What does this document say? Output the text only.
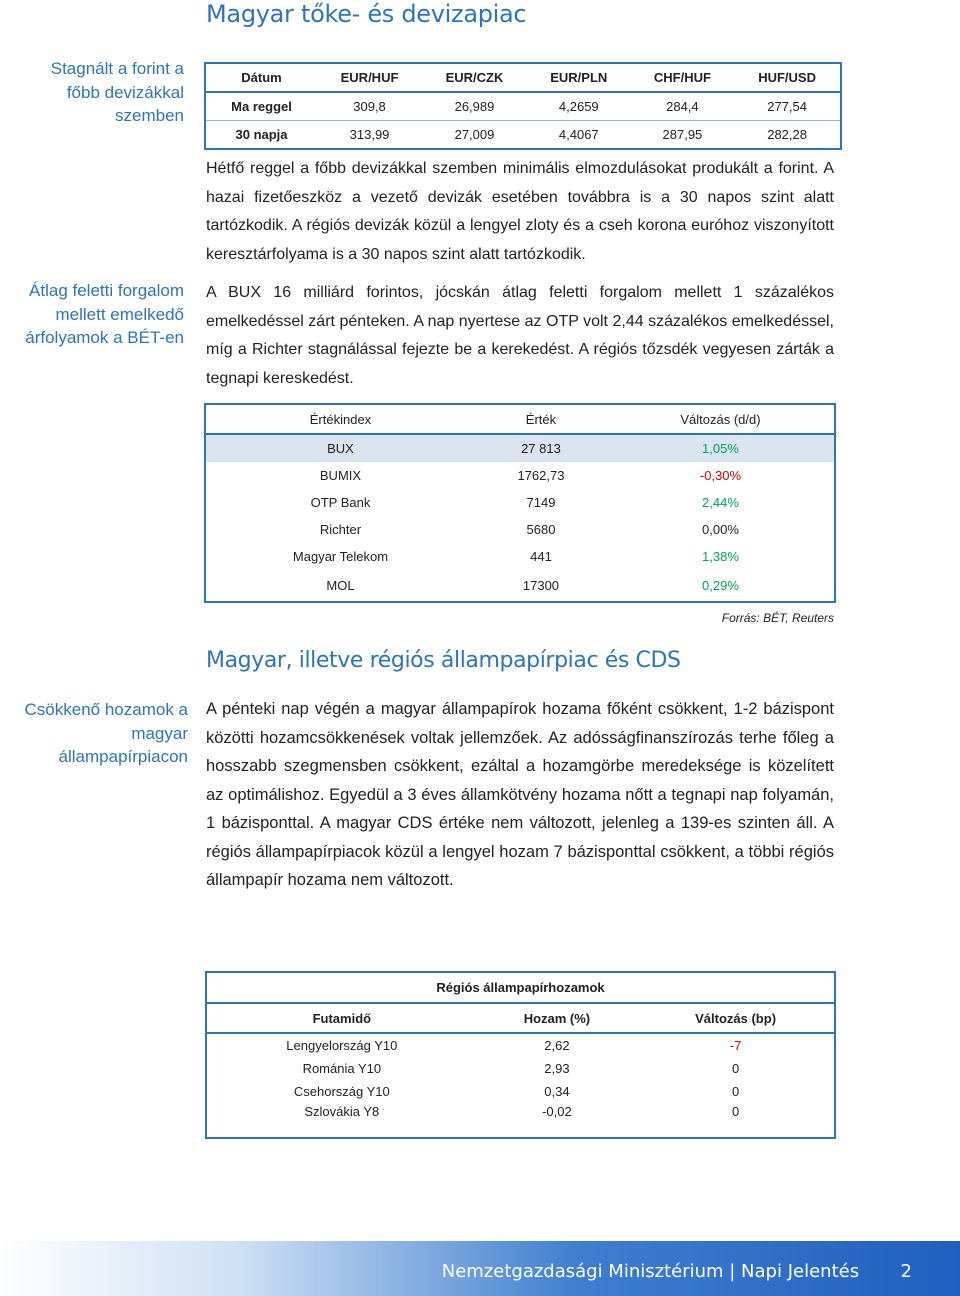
Magyar tőke- és devizapiac
Stagnált a forint a főbb devizákkal szemben
Átlag feletti forgalom mellett emelkedő árfolyamok a BÉT-en
Csökkenő hozamok a magyar állampapírpiacon
Dátum	EUR/HUF	EUR/CZK	EUR/PLN	CHF/HUF	HUF/USD
Ma reggel	309,8	26,989	4,2659	284,4	277,54
30 napja	313,99	27,009	4,4067	287,95	282,28
Hétfő reggel a főbb devizákkal szemben minimális elmozdulásokat produkált a forint. A hazai fizetőeszköz a vezető devizák esetében továbbra is a 30 napos szint alatt tartózkodik. A régiós devizák közül a lengyel zloty és a cseh korona euróhoz viszonyított keresztárfolyama is a 30 napos szint alatt tartózkodik.
A BUX 16 milliárd forintos, jócskán átlag feletti forgalom mellett 1 százalékos emelkedéssel zárt pénteken. A nap nyertese az OTP volt 2,44 százalékos emelkedéssel, míg a Richter stagnálással fejezte be a kerekedést. A régiós tőzsdék vegyesen zárták a tegnapi kereskedést.
Értékindex	Érték	Változás (d/d)
BUX	27 813	1,05%
BUMIX	1762,73	-0,30%
OTP Bank	7149	2,44%
Richter	5680	0,00%
Magyar Telekom	441	1,38%
MOL	17300	0,29%
Forrás: BÉT, Reuters
Magyar, illetve régiós állampapírpiac és CDS
A pénteki nap végén a magyar állampapírok hozama főként csökkent, 1-2 bázispont közötti hozamcsökkenések voltak jellemzőek. Az adósságfinanszírozás terhe főleg a hosszabb szegmensben csökkent, ezáltal a hozamgörbe meredeksége is közelített az optimálishoz. Egyedül a 3 éves államkötvény hozama nőtt a tegnapi nap folyamán, 1 bázisponttal. A magyar CDS értéke nem változott, jelenleg a 139-es szinten áll. A régiós állampapírpiacok közül a lengyel hozam 7 bázisponttal csökkent, a többi régiós állampapír hozama nem változott.
Régiós állampapírhozamok		
Futamidő	Hozam (%)	Változás (bp)
Lengyelország Y10	2,62	-7
Románia Y10	2,93	0
Csehország Y10	0,34	0
Szlovákia Y8	-0,02	0
Nemzetgazdasági Minisztérium | Napi Jelentés 2
